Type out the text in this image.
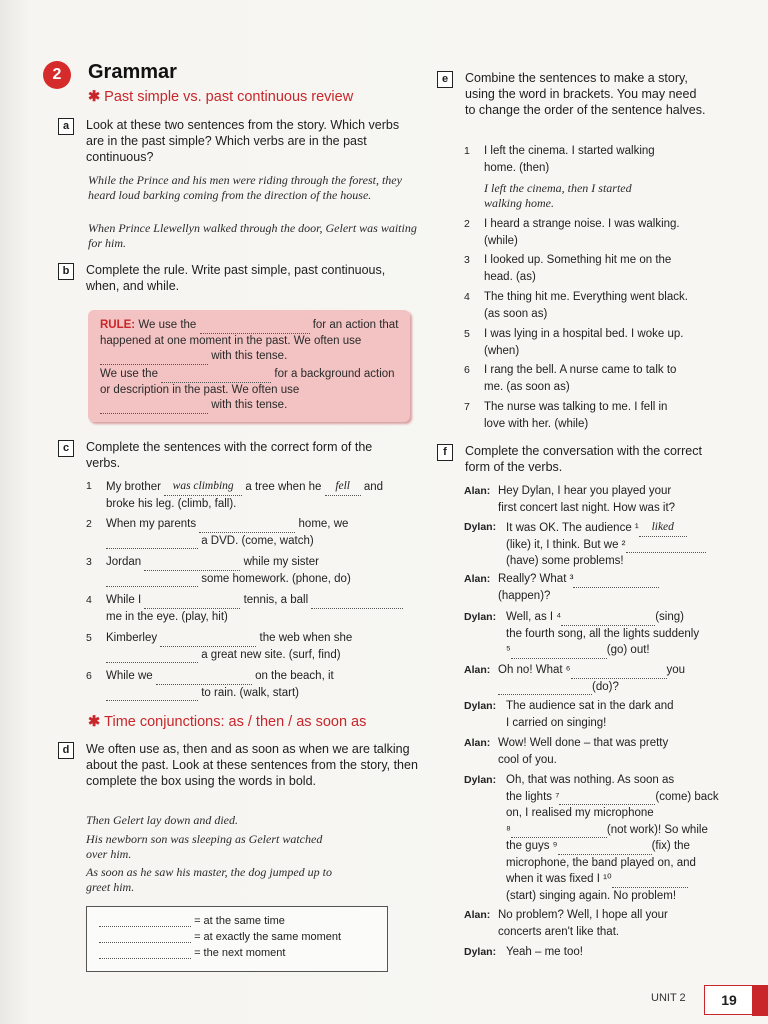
2	Grammar
✱ Past simple vs. past continuous review
a	Look at these two sentences from the story. Which verbs are in the past simple? Which verbs are in the past continuous?
While the Prince and his men were riding through the forest, they heard loud barking coming from the direction of the house.
When Prince Llewellyn walked through the door, Gelert was waiting for him.
b	Complete the rule. Write past simple, past continuous, when, and while.
RULE: We use the	for an action that happened at one moment in the past. We often use  with this tense.
We use the	for a background action or description in the past. We often use  with this tense.
c	Complete the sentences with the correct form of the verbs.
1 My brother was climbing a tree when he fell and
broke his leg. (climb, fall).
2 When my parents	home, we
a DVD. (come, watch)
3 Jordan	while my sister
some homework. (phone, do)
4 While I	tennis, a ball
me in the eye. (play, hit)
5 Kimberley	the web when she
a great new site. (surf, find)
6 While we	on the beach, it
to rain. (walk, start)
✱ Time conjunctions: as / then / as soon as
d	We often use as, then and as soon as when we are talking about the past. Look at these sentences from the story, then complete the box using the words in bold.
Then Gelert lay down and died.
His newborn son was sleeping as Gelert watched over him.
As soon as he saw his master, the dog jumped up to greet him.
= at the same time
= at exactly the same moment
= the next moment
e	Combine the sentences to make a story, using the word in brackets. You may need to change the order of the sentence halves.
1 I left the cinema. I started walking
home. (then)
I left the cinema, then I started
walking home.
2 I heard a strange noise. I was walking.
(while)
3 I looked up. Something hit me on the
head. (as)
4 The thing hit me. Everything went black.
(as soon as)
5 I was lying in a hospital bed. I woke up.
(when)
6 I rang the bell. A nurse came to talk to
me. (as soon as)
7 The nurse was talking to me. I fell in
love with her. (while)
f	Complete the conversation with the correct form of the verbs.
Alan: Hey Dylan, I hear you played your
first concert last night. How was it?
Dylan: It was OK. The audience ¹ liked
(like) it, I think. But we ²
(have) some problems!
Alan: Really? What ³
(happen)?
Dylan: Well, as I ⁴	(sing)
the fourth song, all the lights suddenly
⁵	(go) out!
Alan: Oh no! What ⁶	you
(do)?
Dylan: The audience sat in the dark and
I carried on singing!
Alan: Wow! Well done – that was pretty
cool of you.
Dylan: Oh, that was nothing. As soon as
the lights ⁷	(come) back
on, I realised my microphone
⁸	(not work)! So while
the guys ⁹	(fix) the
microphone, the band played on, and
when it was fixed I ¹⁰
(start) singing again. No problem!
Alan: No problem? Well, I hope all your
concerts aren't like that.
Dylan: Yeah – me too!
UNIT 2	19
